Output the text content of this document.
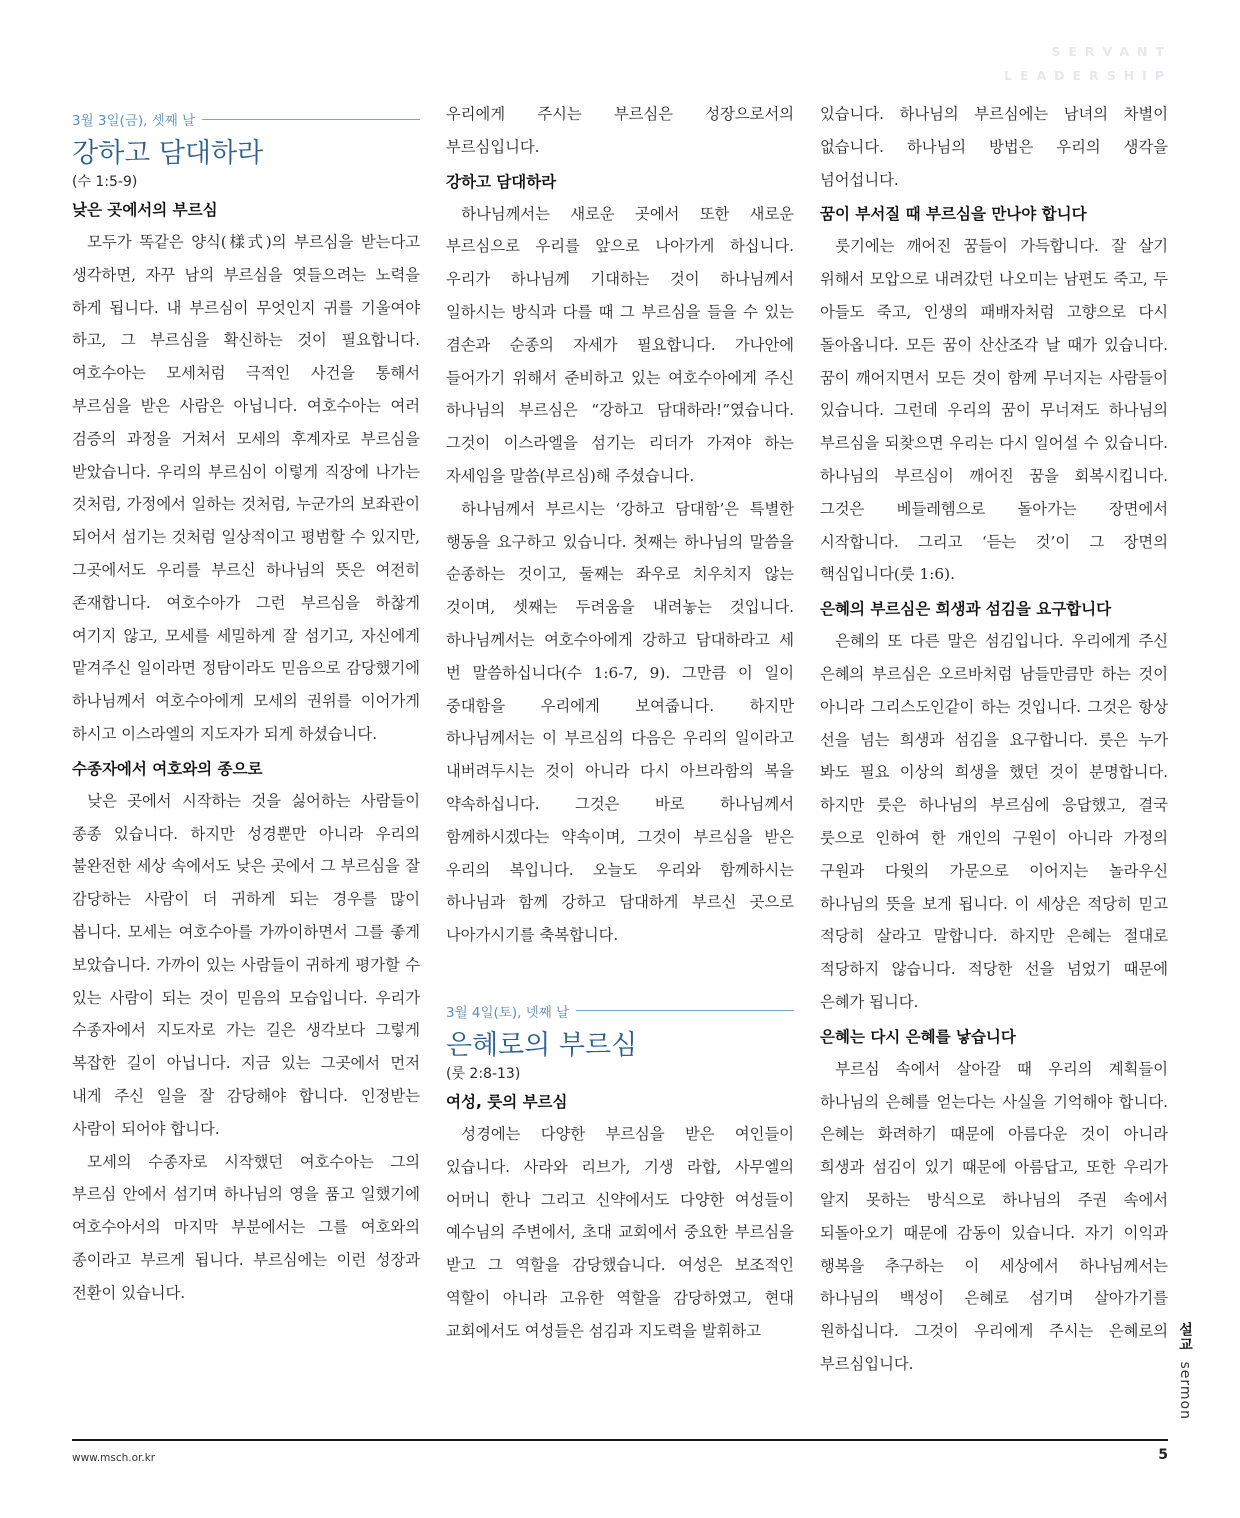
SERVANT
LEADERSHIP
3월 3일(금), 셋째 날
강하고 담대하라
(수 1:5-9)
낮은 곳에서의 부르심

모두가 똑같은 양식(樣式)의 부르심을 받는다고 생각하면, 자꾸 남의 부르심을 엿들으려는 노력을 하게 됩니다. 내 부르심이 무엇인지 귀를 기울여야 하고, 그 부르심을 확신하는 것이 필요합니다. 여호수아는 모세처럼 극적인 사건을 통해서 부르심을 받은 사람은 아닙니다. 여호수아는 여러 검증의 과정을 거쳐서 모세의 후계자로 부르심을 받았습니다. 우리의 부르심이 이렇게 직장에 나가는 것처럼, 가정에서 일하는 것처럼, 누군가의 보좌관이 되어서 섬기는 것처럼 일상적이고 평범할 수 있지만, 그곳에서도 우리를 부르신 하나님의 뜻은 여전히 존재합니다. 여호수아가 그런 부르심을 하찮게 여기지 않고, 모세를 세밀하게 잘 섬기고, 자신에게 맡겨주신 일이라면 정탐이라도 믿음으로 감당했기에 하나님께서 여호수아에게 모세의 권위를 이어가게 하시고 이스라엘의 지도자가 되게 하셨습니다.

수종자에서 여호와의 종으로

낮은 곳에서 시작하는 것을 싫어하는 사람들이 종종 있습니다. 하지만 성경뿐만 아니라 우리의 불완전한 세상 속에서도 낮은 곳에서 그 부르심을 잘 감당하는 사람이 더 귀하게 되는 경우를 많이 봅니다. 모세는 여호수아를 가까이하면서 그를 좋게 보았습니다. 가까이 있는 사람들이 귀하게 평가할 수 있는 사람이 되는 것이 믿음의 모습입니다. 우리가 수종자에서 지도자로 가는 길은 생각보다 그렇게 복잡한 길이 아닙니다. 지금 있는 그곳에서 먼저 내게 주신 일을 잘 감당해야 합니다. 인정받는 사람이 되어야 합니다.

모세의 수종자로 시작했던 여호수아는 그의 부르심 안에서 섬기며 하나님의 영을 품고 일했기에 여호수아서의 마지막 부분에서는 그를 여호와의 종이라고 부르게 됩니다. 부르심에는 이런 성장과 전환이 있습니다.

우리에게 주시는 부르심은 성장으로서의 부르심입니다.

강하고 담대하라

하나님께서는 새로운 곳에서 또한 새로운 부르심으로 우리를 앞으로 나아가게 하십니다. 우리가 하나님께 기대하는 것이 하나님께서 일하시는 방식과 다를 때 그 부르심을 들을 수 있는 겸손과 순종의 자세가 필요합니다. 가나안에 들어가기 위해서 준비하고 있는 여호수아에게 주신 하나님의 부르심은 “강하고 담대하라!”였습니다. 그것이 이스라엘을 섬기는 리더가 가져야 하는 자세임을 말씀(부르심)해 주셨습니다.

하나님께서 부르시는 ‘강하고 담대함’은 특별한 행동을 요구하고 있습니다. 첫째는 하나님의 말씀을 순종하는 것이고, 둘째는 좌우로 치우치지 않는 것이며, 셋째는 두려움을 내려놓는 것입니다. 하나님께서는 여호수아에게 강하고 담대하라고 세 번 말씀하십니다(수 1:6-7, 9). 그만큼 이 일이 중대함을 우리에게 보여줍니다. 하지만 하나님께서는 이 부르심의 다음은 우리의 일이라고 내버려두시는 것이 아니라 다시 아브라함의 복을 약속하십니다. 그것은 바로 하나님께서 함께하시겠다는 약속이며, 그것이 부르심을 받은 우리의 복입니다. 오늘도 우리와 함께하시는 하나님과 함께 강하고 담대하게 부르신 곳으로 나아가시기를 축복합니다.

3월 4일(토), 넷째 날
은혜로의 부르심
(룻 2:8-13)
여성, 룻의 부르심

성경에는 다양한 부르심을 받은 여인들이 있습니다. 사라와 리브가, 기생 라합, 사무엘의 어머니 한나 그리고 신약에서도 다양한 여성들이 예수님의 주변에서, 초대 교회에서 중요한 부르심을 받고 그 역할을 감당했습니다. 여성은 보조적인 역할이 아니라 고유한 역할을 감당하였고, 현대 교회에서도 여성들은 섬김과 지도력을 발휘하고

있습니다. 하나님의 부르심에는 남녀의 차별이 없습니다. 하나님의 방법은 우리의 생각을 넘어섭니다.

꿈이 부서질 때 부르심을 만나야 합니다

룻기에는 깨어진 꿈들이 가득합니다. 잘 살기 위해서 모압으로 내려갔던 나오미는 남편도 죽고, 두 아들도 죽고, 인생의 패배자처럼 고향으로 다시 돌아옵니다. 모든 꿈이 산산조각 날 때가 있습니다. 꿈이 깨어지면서 모든 것이 함께 무너지는 사람들이 있습니다. 그런데 우리의 꿈이 무너져도 하나님의 부르심을 되찾으면 우리는 다시 일어설 수 있습니다. 하나님의 부르심이 깨어진 꿈을 회복시킵니다. 그것은 베들레헴으로 돌아가는 장면에서 시작합니다. 그리고 ‘듣는 것’이 그 장면의 핵심입니다(룻 1:6).

은혜의 부르심은 희생과 섬김을 요구합니다

은혜의 또 다른 말은 섬김입니다. 우리에게 주신 은혜의 부르심은 오르바처럼 남들만큼만 하는 것이 아니라 그리스도인같이 하는 것입니다. 그것은 항상 선을 넘는 희생과 섬김을 요구합니다. 룻은 누가 봐도 필요 이상의 희생을 했던 것이 분명합니다. 하지만 룻은 하나님의 부르심에 응답했고, 결국 룻으로 인하여 한 개인의 구원이 아니라 가정의 구원과 다윗의 가문으로 이어지는 놀라우신 하나님의 뜻을 보게 됩니다. 이 세상은 적당히 믿고 적당히 살라고 말합니다. 하지만 은혜는 절대로 적당하지 않습니다. 적당한 선을 넘었기 때문에 은혜가 됩니다.

은혜는 다시 은혜를 낳습니다

부르심 속에서 살아갈 때 우리의 계획들이 하나님의 은혜를 얻는다는 사실을 기억해야 합니다. 은혜는 화려하기 때문에 아름다운 것이 아니라 희생과 섬김이 있기 때문에 아름답고, 또한 우리가 알지 못하는 방식으로 하나님의 주권 속에서 되돌아오기 때문에 감동이 있습니다. 자기 이익과 행복을 추구하는 이 세상에서 하나님께서는 하나님의 백성이 은혜로 섬기며 살아가기를 원하십니다. 그것이 우리에게 주시는 은혜로의 부르심입니다.

설교 sermon
www.msch.or.kr	5
